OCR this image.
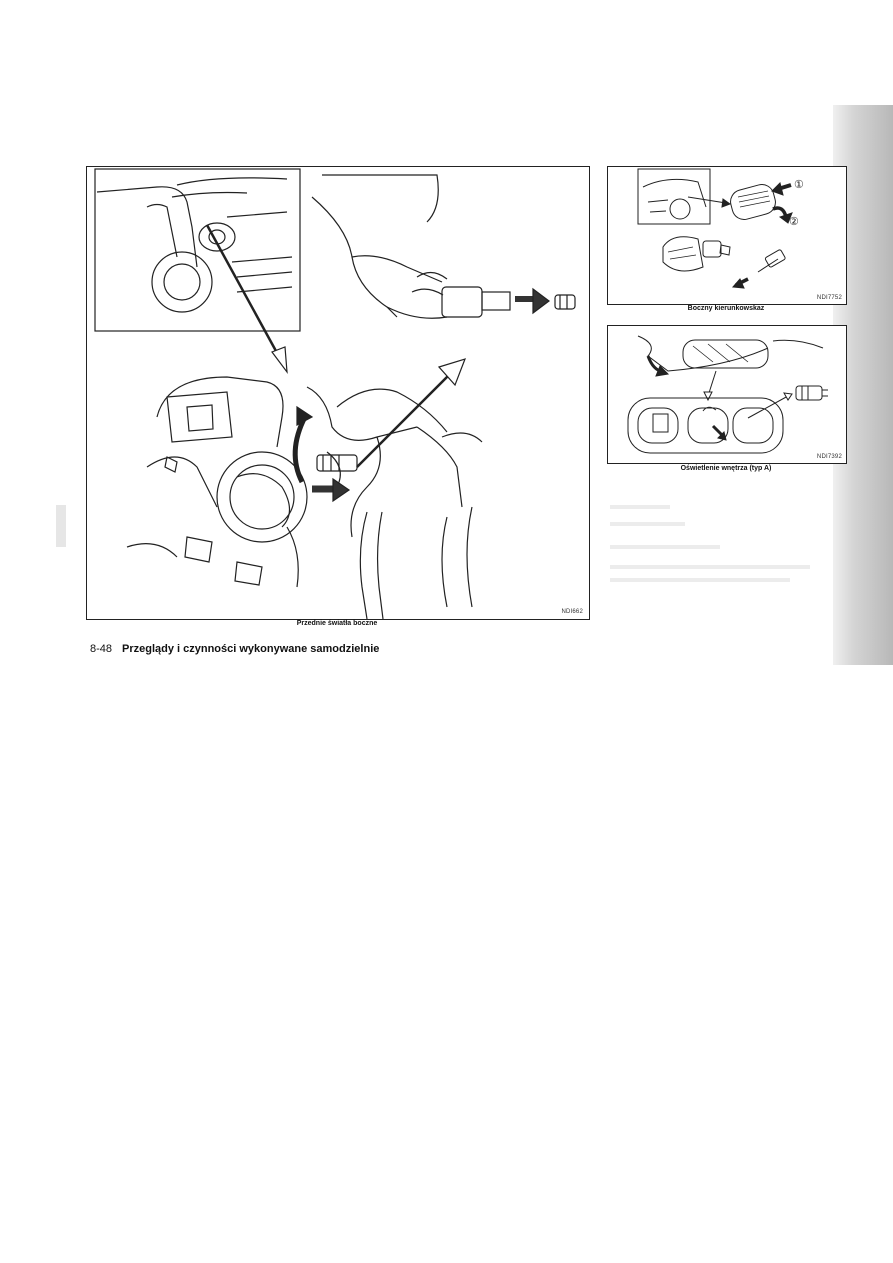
NDI662
Przednie światła boczne
①
②
NDI7752
Boczny kierunkowskaz
NDI7392
Oświetlenie wnętrza (typ A)
8-48 Przeglądy i czynności wykonywane samodzielnie
